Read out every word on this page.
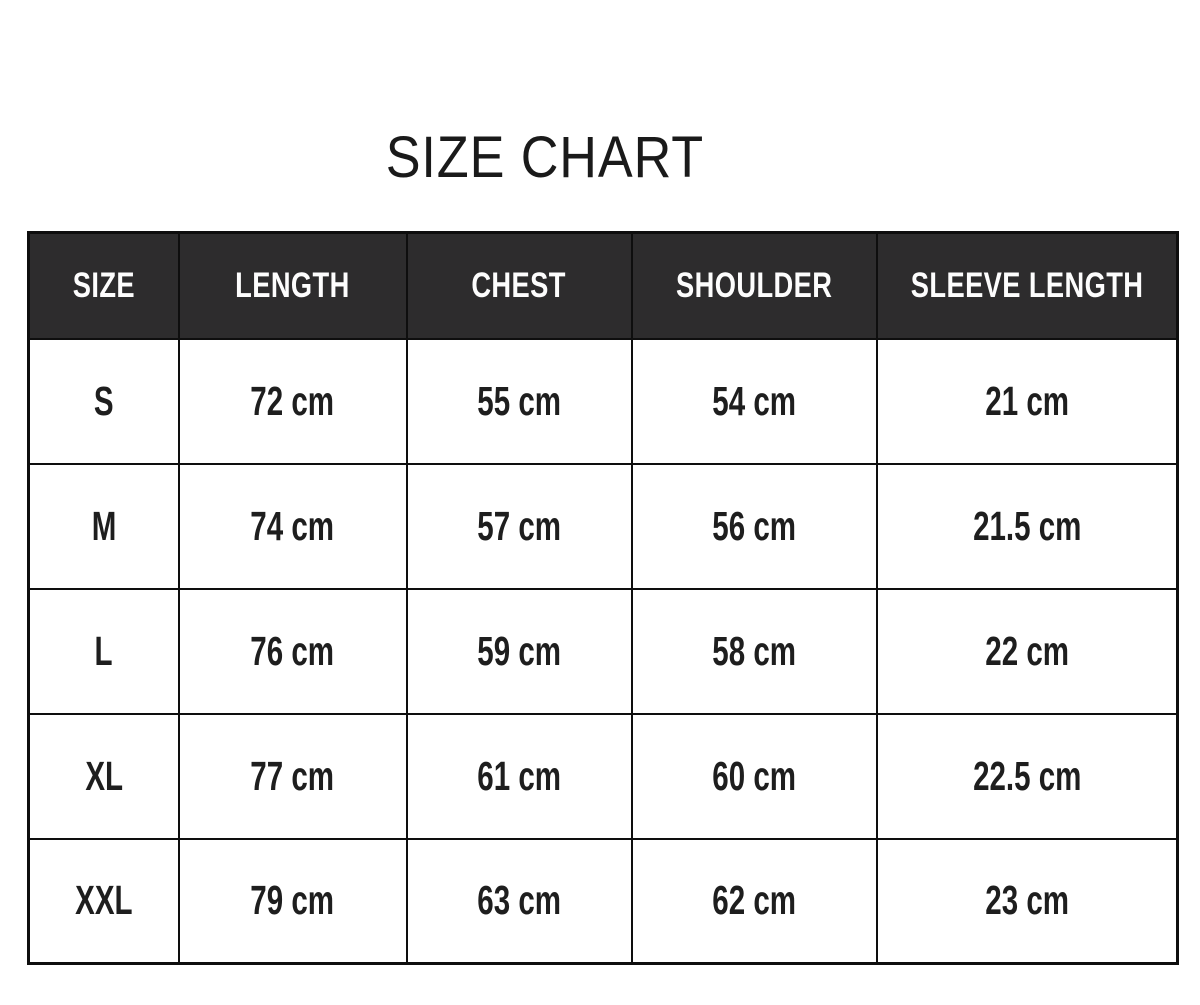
SIZE CHART
SIZE	LENGTH	CHEST	SHOULDER	SLEEVE LENGTH
S	72 cm	55 cm	54 cm	21 cm
M	74 cm	57 cm	56 cm	21.5 cm
L	76 cm	59 cm	58 cm	22 cm
XL	77 cm	61 cm	60 cm	22.5 cm
XXL	79 cm	63 cm	62 cm	23 cm
